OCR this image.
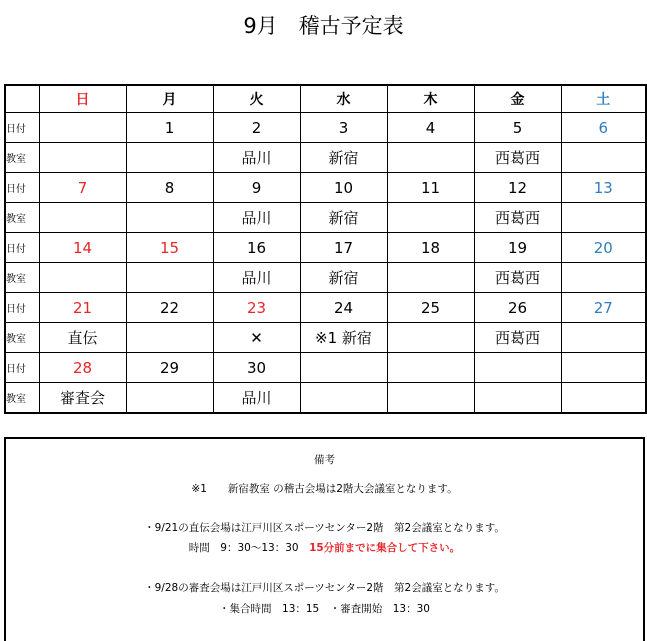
9月　稽古予定表
	日	月	火	水	木	金	土
日付		1	2	3	4	5	6
教室			品川	新宿		西葛西	
日付	7	8	9	10	11	12	13
教室			品川	新宿		西葛西	
日付	14	15	16	17	18	19	20
教室			品川	新宿		西葛西	
日付	21	22	23	24	25	26	27
教室	直伝		✕	※1 新宿		西葛西	
日付	28	29	30				
教室	審査会		品川				
備考
※1　　新宿教室 の稽古会場は2階大会議室となります。
・9/21の直伝会場は江戸川区スポーツセンター2階　第2会議室となります。
時間　9：30〜13：30　15分前までに集合して下さい。
・9/28の審査会場は江戸川区スポーツセンター2階　第2会議室となります。
・集合時間　13：15　・審査開始　13：30
